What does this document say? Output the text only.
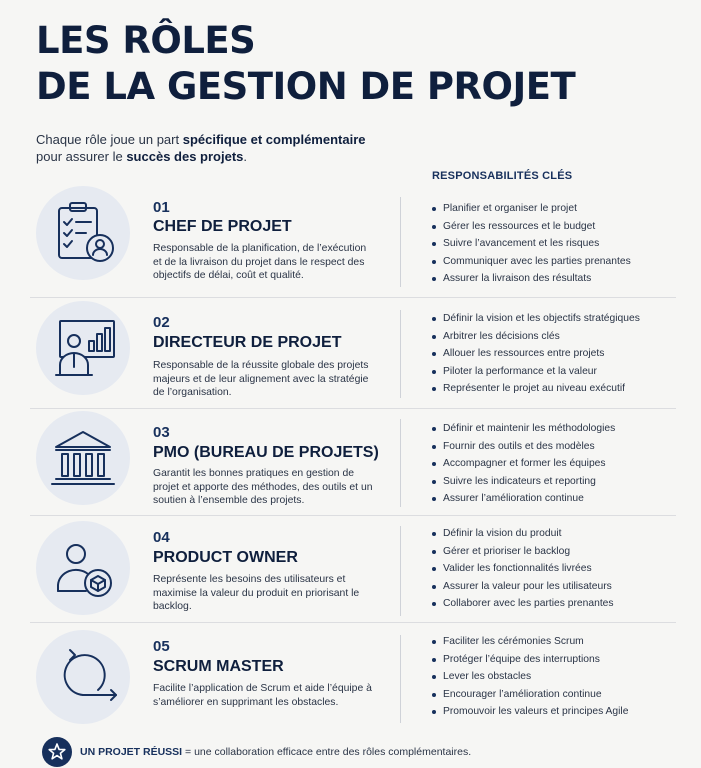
LES RÔLES
DE LA GESTION DE PROJET
Chaque rôle joue un part spécifique et complémentaire
pour assurer le succès des projets.
RESPONSABILITÉS CLÉS
01
CHEF DE PROJET
Responsable de la planification, de l’exécution et de la livraison du projet dans le respect des objectifs de délai, coût et qualité.
Planifier et organiser le projet
Gérer les ressources et le budget
Suivre l’avancement et les risques
Communiquer avec les parties prenantes
Assurer la livraison des résultats
02
DIRECTEUR DE PROJET
Responsable de la réussite globale des projets majeurs et de leur alignement avec la stratégie de l’organisation.
Définir la vision et les objectifs stratégiques
Arbitrer les décisions clés
Allouer les ressources entre projets
Piloter la performance et la valeur
Représenter le projet au niveau exécutif
03
PMO (BUREAU DE PROJETS)
Garantit les bonnes pratiques en gestion de projet et apporte des méthodes, des outils et un soutien à l’ensemble des projets.
Définir et maintenir les méthodologies
Fournir des outils et des modèles
Accompagner et former les équipes
Suivre les indicateurs et reporting
Assurer l’amélioration continue
04
PRODUCT OWNER
Représente les besoins des utilisateurs et maximise la valeur du produit en priorisant le backlog.
Définir la vision du produit
Gérer et prioriser le backlog
Valider les fonctionnalités livrées
Assurer la valeur pour les utilisateurs
Collaborer avec les parties prenantes
05
SCRUM MASTER
Facilite l’application de Scrum et aide l’équipe à s’améliorer en supprimant les obstacles.
Faciliter les cérémonies Scrum
Protéger l’équipe des interruptions
Lever les obstacles
Encourager l’amélioration continue
Promouvoir les valeurs et principes Agile
UN PROJET RÉUSSI = une collaboration efficace entre des rôles complémentaires.
